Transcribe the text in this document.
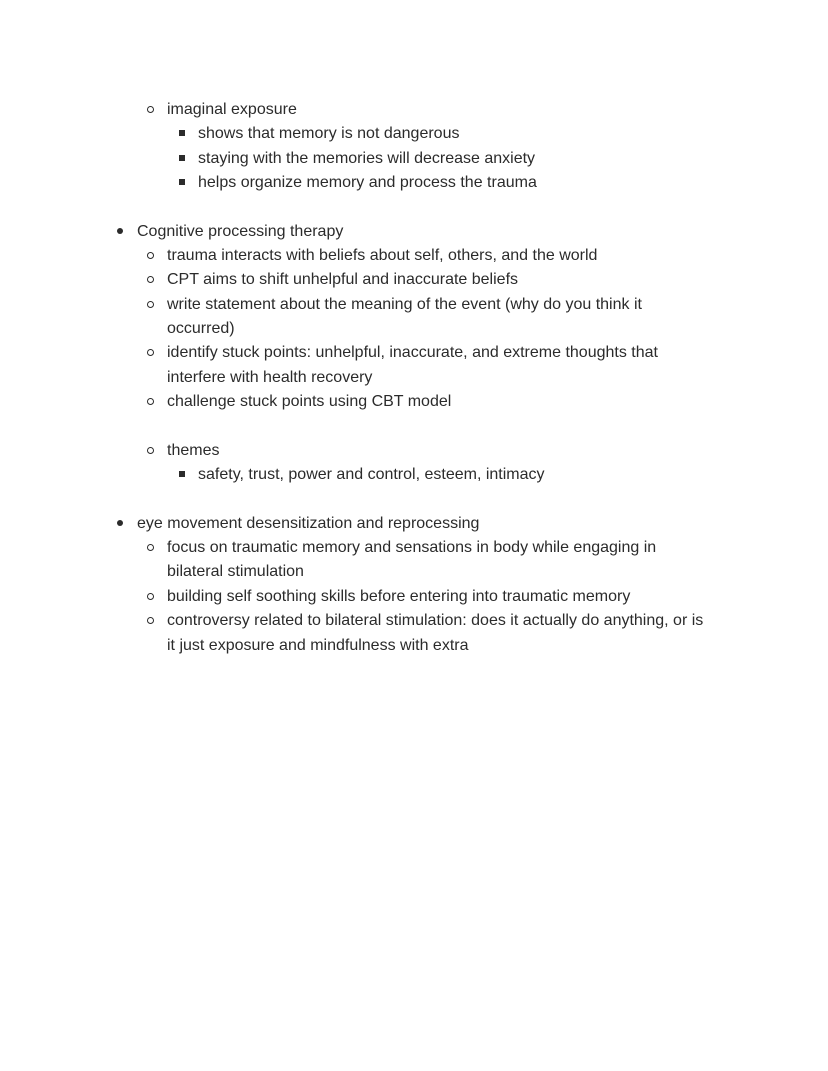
imaginal exposure
shows that memory is not dangerous
staying with the memories will decrease anxiety
helps organize memory and process the trauma
Cognitive processing therapy
trauma interacts with beliefs about self, others, and the world
CPT aims to shift unhelpful and inaccurate beliefs
write statement about the meaning of the event (why do you think it
occurred)
identify stuck points: unhelpful, inaccurate, and extreme thoughts that
interfere with health recovery
challenge stuck points using CBT model
themes
safety, trust, power and control, esteem, intimacy
eye movement desensitization and reprocessing
focus on traumatic memory and sensations in body while engaging in
bilateral stimulation
building self soothing skills before entering into traumatic memory
controversy related to bilateral stimulation: does it actually do anything, or is
it just exposure and mindfulness with extra
